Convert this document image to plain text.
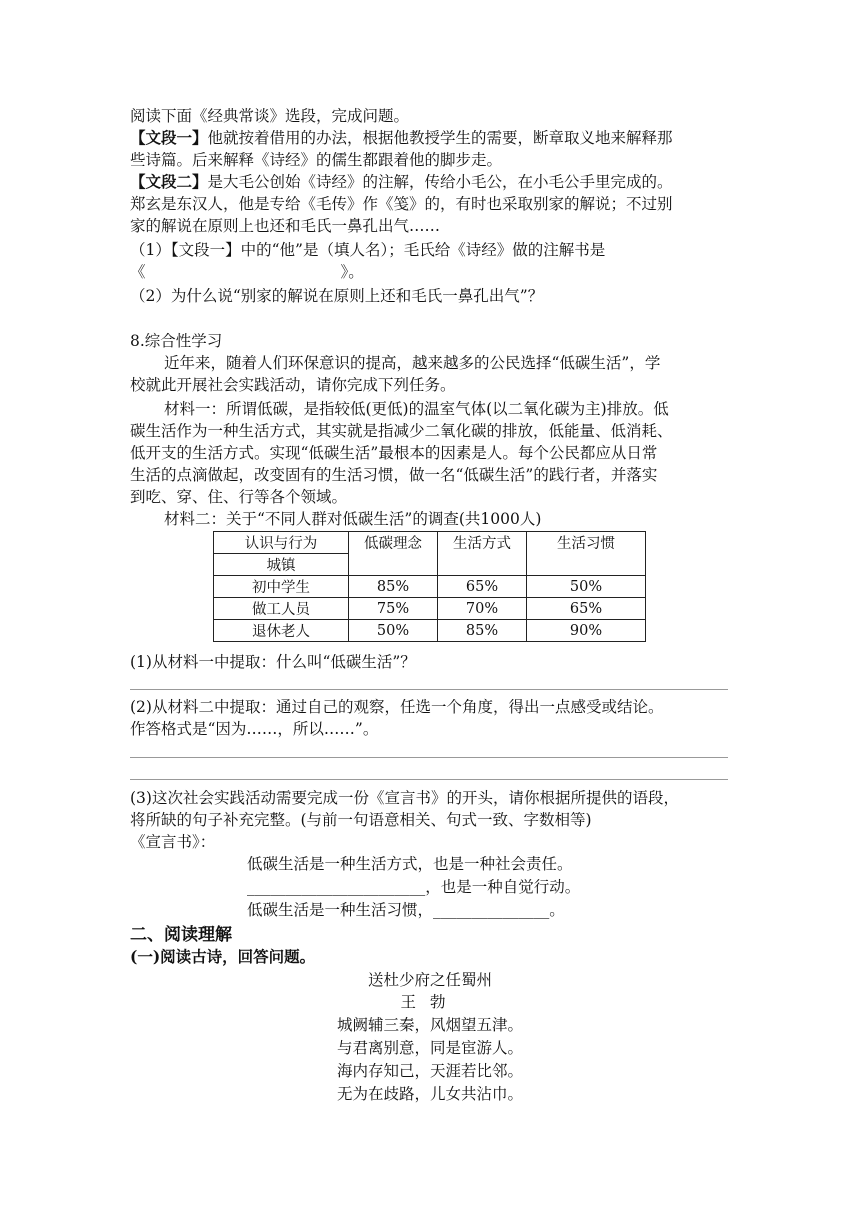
阅读下面《经典常谈》选段，完成问题。
【文段一】他就按着借用的办法，根据他教授学生的需要，断章取义地来解释那
些诗篇。后来解释《诗经》的儒生都跟着他的脚步走。
【文段二】是大毛公创始《诗经》的注解，传给小毛公，在小毛公手里完成的。
郑玄是东汉人，他是专给《毛传》作《笺》的，有时也采取别家的解说；不过别
家的解说在原则上也还和毛氏一鼻孔出气……
（1）【文段一】中的“他”是（填人名）；毛氏给《诗经》做的注解书是
《	》。
（2）为什么说“别家的解说在原则上还和毛氏一鼻孔出气”？
8.综合性学习
近年来，随着人们环保意识的提高，越来越多的公民选择“低碳生活”，学
校就此开展社会实践活动，请你完成下列任务。
材料一：所谓低碳，是指较低(更低)的温室气体(以二氧化碳为主)排放。低
碳生活作为一种生活方式，其实就是指减少二氧化碳的排放，低能量、低消耗、
低开支的生活方式。实现“低碳生活”最根本的因素是人。每个公民都应从日常
生活的点滴做起，改变固有的生活习惯，做一名“低碳生活”的践行者，并落实
到吃、穿、住、行等各个领域。
材料二：关于“不同人群对低碳生活”的调查(共1000人)
认识与行为	低碳理念	生活方式	生活习惯
城镇			
初中学生	85%	65%	50%
做工人员	75%	70%	65%
退休老人	50%	85%	90%
(1)从材料一中提取：什么叫“低碳生活”？
(2)从材料二中提取：通过自己的观察，任选一个角度，得出一点感受或结论。
作答格式是“因为……，所以……”。
(3)这次社会实践活动需要完成一份《宣言书》的开头，请你根据所提供的语段，
将所缺的句子补充完整。(与前一句语意相关、句式一致、字数相等)
《宣言书》：
低碳生活是一种生活方式，也是一种社会责任。
_______________________，也是一种自觉行动。
低碳生活是一种生活习惯，_______________。
二、阅读理解
(一)阅读古诗，回答问题。
送杜少府之任蜀州
王勃
城阙辅三秦，风烟望五津。
与君离别意，同是宦游人。
海内存知己，天涯若比邻。
无为在歧路，儿女共沾巾。
